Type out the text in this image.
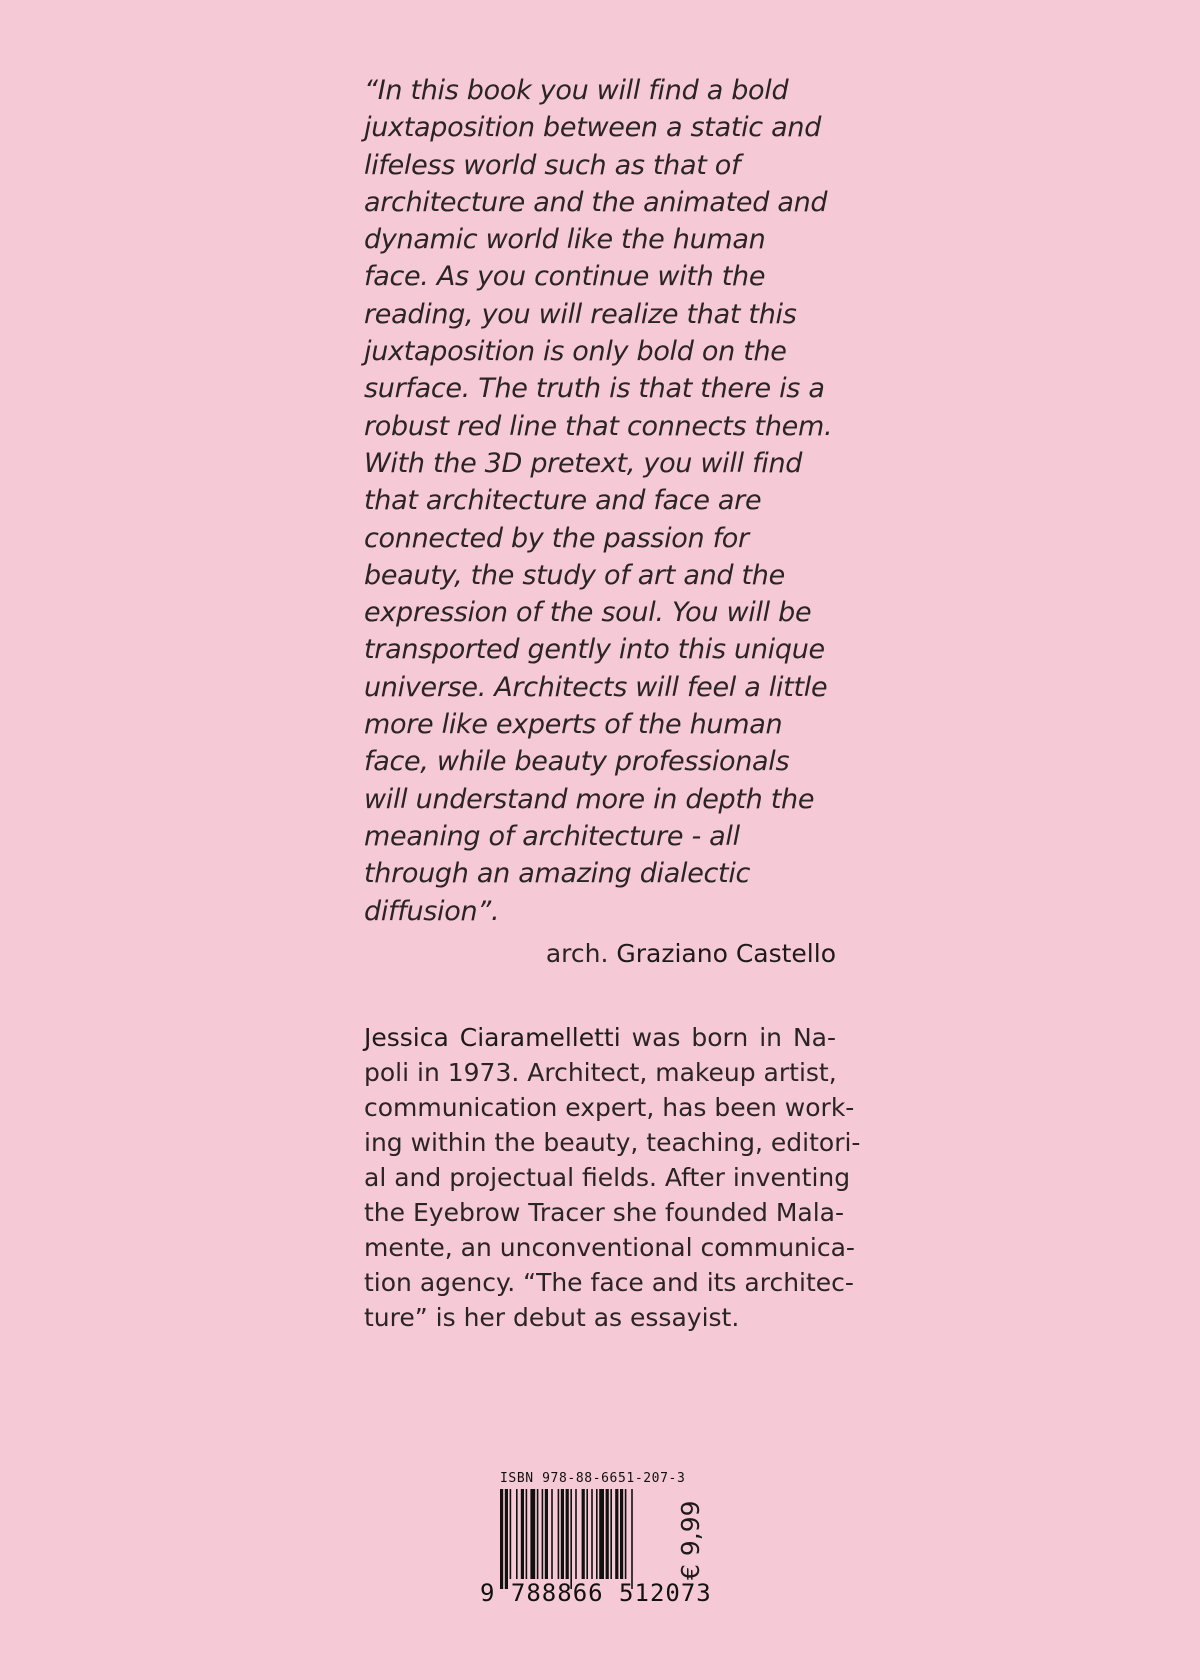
“In this book you will find a bold
juxtaposition between a static and
lifeless world such as that of
architecture and the animated and
dynamic world like the human
face. As you continue with the
reading, you will realize that this
juxtaposition is only bold on the
surface. The truth is that there is a
robust red line that connects them.
With the 3D pretext, you will find
that architecture and face are
connected by the passion for
beauty, the study of art and the
expression of the soul. You will be
transported gently into this unique
universe. Architects will feel a little
more like experts of the human
face, while beauty professionals
will understand more in depth the
meaning of architecture - all
through an amazing dialectic
diffusion”.

arch. Graziano Castello

Jessica Ciaramelletti was born in Na-
poli in 1973. Architect, makeup artist,
communication expert, has been work-
ing within the beauty, teaching, editori-
al and projectual fields. After inventing
the Eyebrow Tracer she founded Mala-
mente, an unconventional communica-
tion agency. “The face and its architec-
ture” is her debut as essayist.
ISBN 978-88-6651-207-3
9 788866 512073
€ 9,99
